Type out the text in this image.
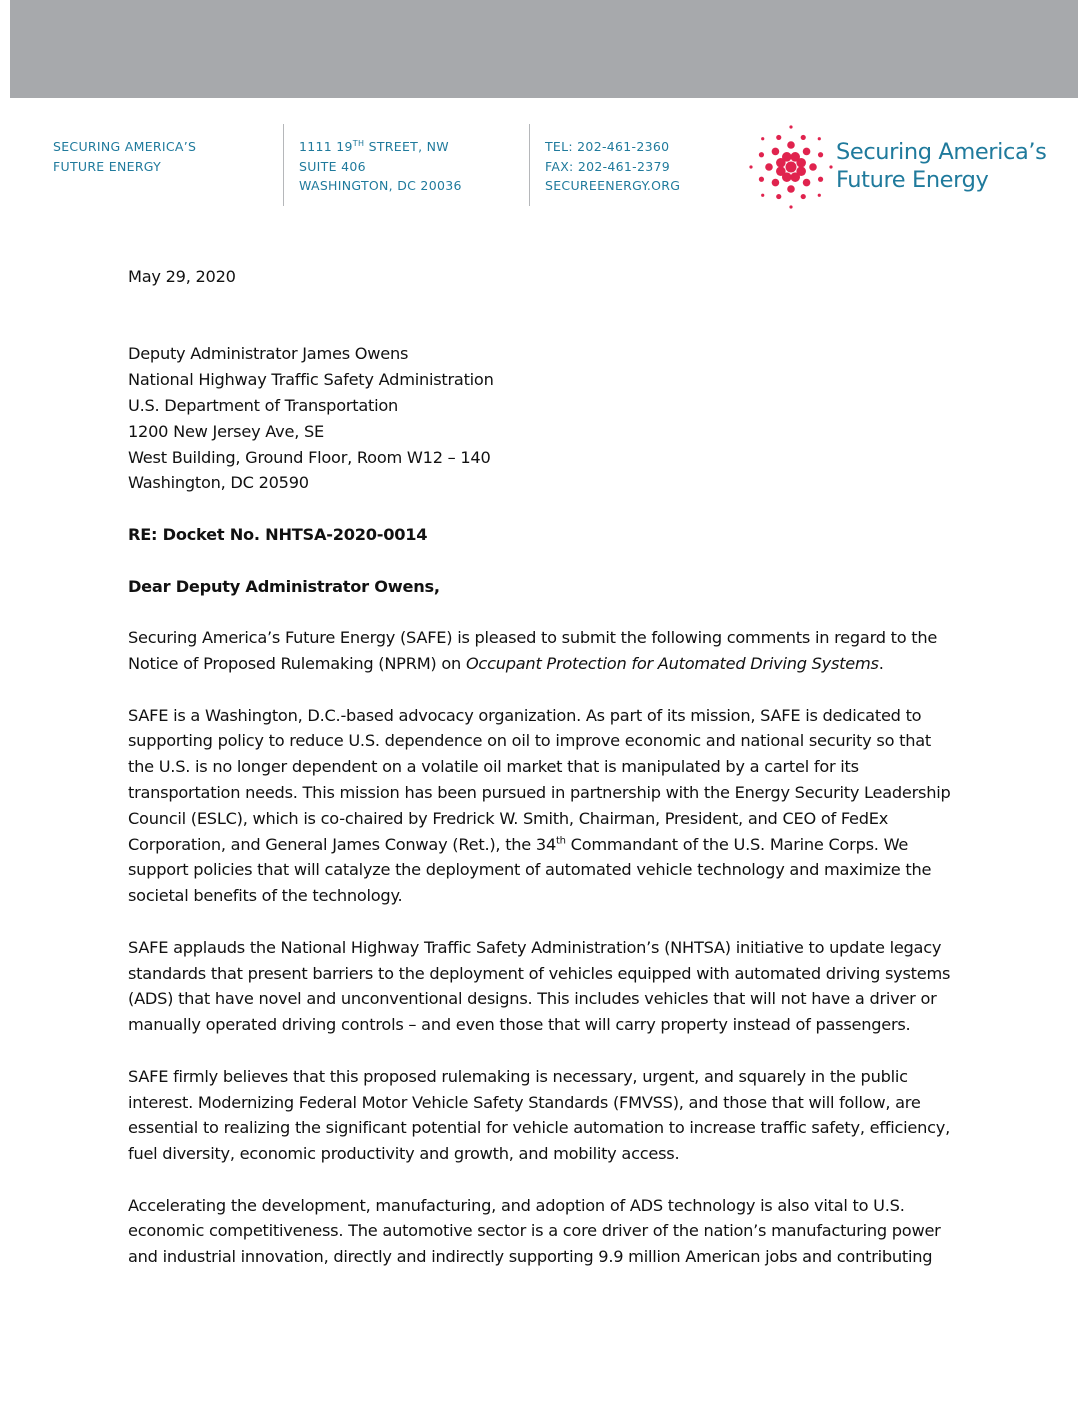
SECURING AMERICA’S
FUTURE ENERGY
1111 19TH STREET, NW
SUITE 406
WASHINGTON, DC 20036
TEL: 202-461-2360
FAX: 202-461-2379
SECUREENERGY.ORG
Securing America’s
Future Energy

May 29, 2020

Deputy Administrator James Owens
National Highway Traffic Safety Administration
U.S. Department of Transportation
1200 New Jersey Ave, SE
West Building, Ground Floor, Room W12 – 140
Washington, DC 20590

RE: Docket No. NHTSA-2020-0014

Dear Deputy Administrator Owens,

Securing America’s Future Energy (SAFE) is pleased to submit the following comments in regard to the
Notice of Proposed Rulemaking (NPRM) on Occupant Protection for Automated Driving Systems.
SAFE is a Washington, D.C.-based advocacy organization. As part of its mission, SAFE is dedicated to
supporting policy to reduce U.S. dependence on oil to improve economic and national security so that
the U.S. is no longer dependent on a volatile oil market that is manipulated by a cartel for its
transportation needs. This mission has been pursued in partnership with the Energy Security Leadership
Council (ESLC), which is co-chaired by Fredrick W. Smith, Chairman, President, and CEO of FedEx
Corporation, and General James Conway (Ret.), the 34th Commandant of the U.S. Marine Corps. We
support policies that will catalyze the deployment of automated vehicle technology and maximize the
societal benefits of the technology.
SAFE applauds the National Highway Traffic Safety Administration’s (NHTSA) initiative to update legacy
standards that present barriers to the deployment of vehicles equipped with automated driving systems
(ADS) that have novel and unconventional designs. This includes vehicles that will not have a driver or
manually operated driving controls – and even those that will carry property instead of passengers.
SAFE firmly believes that this proposed rulemaking is necessary, urgent, and squarely in the public
interest. Modernizing Federal Motor Vehicle Safety Standards (FMVSS), and those that will follow, are
essential to realizing the significant potential for vehicle automation to increase traffic safety, efficiency,
fuel diversity, economic productivity and growth, and mobility access.
Accelerating the development, manufacturing, and adoption of ADS technology is also vital to U.S.
economic competitiveness. The automotive sector is a core driver of the nation’s manufacturing power
and industrial innovation, directly and indirectly supporting 9.9 million American jobs and contributing
